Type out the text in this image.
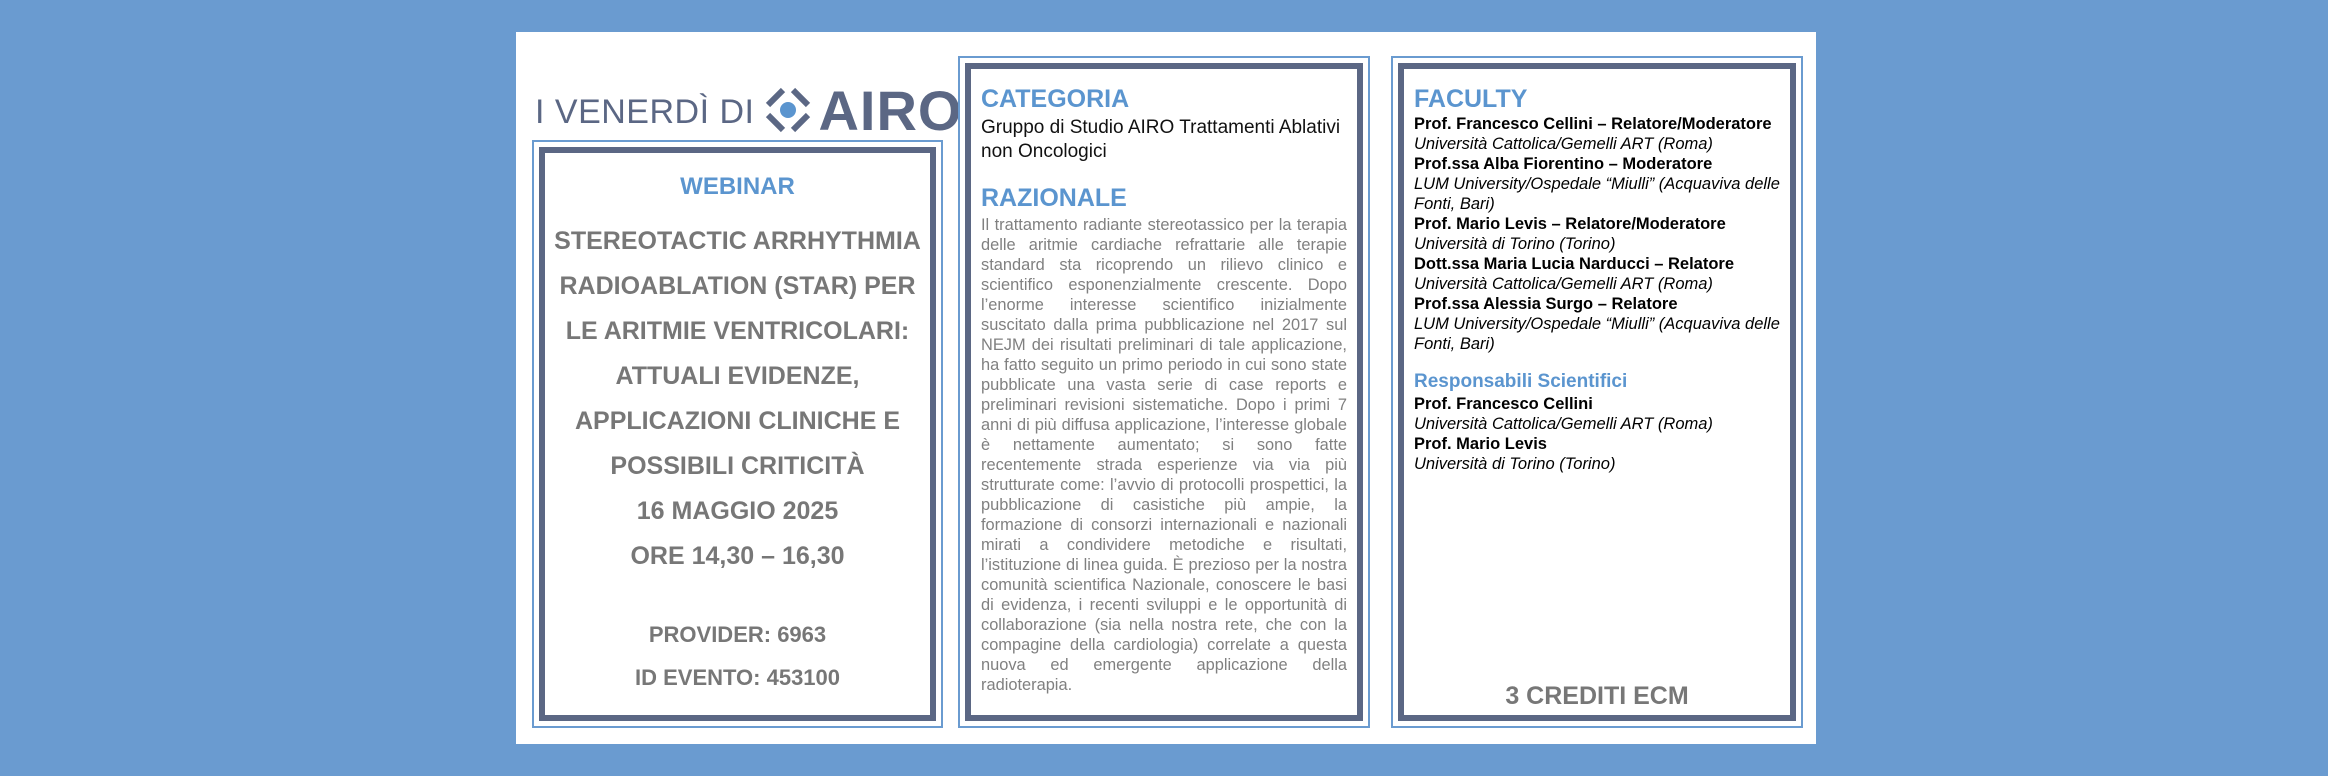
I VENERDÌ DI AIRO
WEBINAR
STEREOTACTIC ARRHYTHMIA
RADIOABLATION (STAR) PER
LE ARITMIE VENTRICOLARI:
ATTUALI EVIDENZE,
APPLICAZIONI CLINICHE E
POSSIBILI CRITICITÀ
16 MAGGIO 2025
ORE 14,30 – 16,30
PROVIDER: 6963
ID EVENTO: 453100
CATEGORIA
Gruppo di Studio AIRO Trattamenti Ablativi non Oncologici
RAZIONALE
Il trattamento radiante stereotassico per la terapia delle aritmie cardiache refrattarie alle terapie standard sta ricoprendo un rilievo clinico e scientifico esponenzialmente crescente. Dopo l’enorme interesse scientifico inizialmente suscitato dalla prima pubblicazione nel 2017 sul NEJM dei risultati preliminari di tale applicazione, ha fatto seguito un primo periodo in cui sono state pubblicate una vasta serie di case reports e preliminari revisioni sistematiche. Dopo i primi 7 anni di più diffusa applicazione, l’interesse globale è nettamente aumentato; si sono fatte recentemente strada esperienze via via più strutturate come: l’avvio di protocolli prospettici, la pubblicazione di casistiche più ampie, la formazione di consorzi internazionali e nazionali mirati a condividere metodiche e risultati, l’istituzione di linea guida. È prezioso per la nostra comunità scientifica Nazionale, conoscere le basi di evidenza, i recenti sviluppi e le opportunità di collaborazione (sia nella nostra rete, che con la compagine della cardiologia) correlate a questa nuova ed emergente applicazione della radioterapia.
FACULTY
Prof. Francesco Cellini – Relatore/Moderatore
Università Cattolica/Gemelli ART (Roma)
Prof.ssa Alba Fiorentino – Moderatore
LUM University/Ospedale “Miulli” (Acquaviva delle Fonti, Bari)
Prof. Mario Levis – Relatore/Moderatore
Università di Torino (Torino)
Dott.ssa Maria Lucia Narducci – Relatore
Università Cattolica/Gemelli ART (Roma)
Prof.ssa Alessia Surgo – Relatore
LUM University/Ospedale “Miulli” (Acquaviva delle Fonti, Bari)
Responsabili Scientifici
Prof. Francesco Cellini
Università Cattolica/Gemelli ART (Roma)
Prof. Mario Levis
Università di Torino (Torino)
3 CREDITI ECM
